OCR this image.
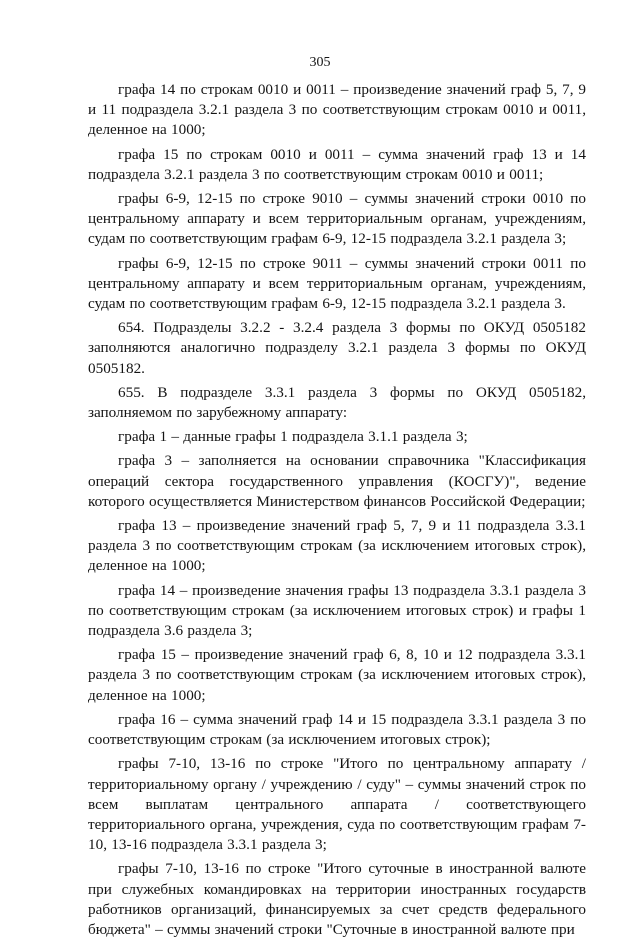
305

графа 14 по строкам 0010 и 0011 – произведение значений граф 5, 7, 9 и 11 подраздела 3.2.1 раздела 3 по соответствующим строкам 0010 и 0011, деленное на 1000;

графа 15 по строкам 0010 и 0011 – сумма значений граф 13 и 14 подраздела 3.2.1 раздела 3 по соответствующим строкам 0010 и 0011;

графы 6-9, 12-15 по строке 9010 – суммы значений строки 0010 по центральному аппарату и всем территориальным органам, учреждениям, судам по соответствующим графам 6-9, 12-15 подраздела 3.2.1 раздела 3;

графы 6-9, 12-15 по строке 9011 – суммы значений строки 0011 по центральному аппарату и всем территориальным органам, учреждениям, судам по соответствующим графам 6-9, 12-15 подраздела 3.2.1 раздела 3.

654. Подразделы 3.2.2 - 3.2.4 раздела 3 формы по ОКУД 0505182 заполняются аналогично подразделу 3.2.1 раздела 3 формы по ОКУД 0505182.

655. В подразделе 3.3.1 раздела 3 формы по ОКУД 0505182, заполняемом по зарубежному аппарату:

графа 1 – данные графы 1 подраздела 3.1.1 раздела 3;

графа 3 – заполняется на основании справочника "Классификация операций сектора государственного управления (КОСГУ)", ведение которого осуществляется Министерством финансов Российской Федерации;

графа 13 – произведение значений граф 5, 7, 9 и 11 подраздела 3.3.1 раздела 3 по соответствующим строкам (за исключением итоговых строк), деленное на 1000;

графа 14 – произведение значения графы 13 подраздела 3.3.1 раздела 3 по соответствующим строкам (за исключением итоговых строк) и графы 1 подраздела 3.6 раздела 3;

графа 15 – произведение значений граф 6, 8, 10 и 12 подраздела 3.3.1 раздела 3 по соответствующим строкам (за исключением итоговых строк), деленное на 1000;

графа 16 – сумма значений граф 14 и 15 подраздела 3.3.1 раздела 3 по соответствующим строкам (за исключением итоговых строк);

графы 7-10, 13-16 по строке "Итого по центральному аппарату / территориальному органу / учреждению / суду" – суммы значений строк по всем выплатам центрального аппарата / соответствующего территориального органа, учреждения, суда по соответствующим графам 7-10, 13-16 подраздела 3.3.1 раздела 3;

графы 7-10, 13-16 по строке "Итого суточные в иностранной валюте при служебных командировках на территории иностранных государств работников организаций, финансируемых за счет средств федерального бюджета" – суммы значений строки "Суточные в иностранной валюте при
